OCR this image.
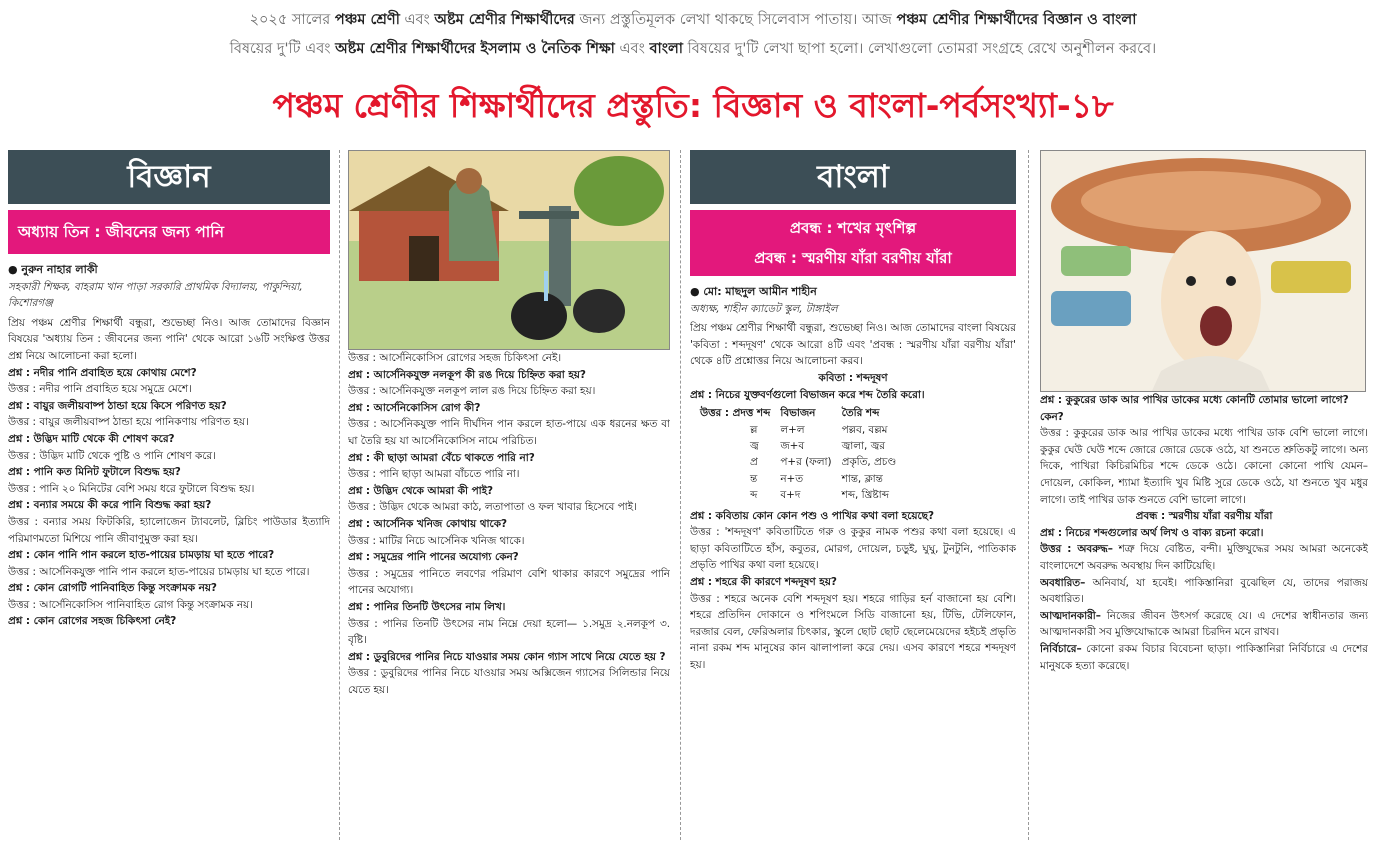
২০২৫ সালের পঞ্চম শ্রেণী এবং অষ্টম শ্রেণীর শিক্ষার্থীদের জন্য প্রস্তুতিমূলক লেখা থাকছে সিলেবাস পাতায়। আজ পঞ্চম শ্রেণীর শিক্ষার্থীদের বিজ্ঞান ও বাংলা
বিষয়ের দু'টি এবং অষ্টম শ্রেণীর শিক্ষার্থীদের ইসলাম ও নৈতিক শিক্ষা এবং বাংলা বিষয়ের দু'টি লেখা ছাপা হলো। লেখাগুলো তোমরা সংগ্রহে রেখে অনুশীলন করবে।
পঞ্চম শ্রেণীর শিক্ষার্থীদের প্রস্তুতি: বিজ্ঞান ও বাংলা-পর্বসংখ্যা-১৮
বিজ্ঞান
অধ্যায় তিন : জীবনের জন্য পানি
● নুরুন নাহার লাকী
সহকারী শিক্ষক, বাহরাম খান পাড়া সরকারি প্রাথমিক বিদ্যালয়, পাকুন্দিয়া, কিশোরগঞ্জ

প্রিয় পঞ্চম শ্রেণীর শিক্ষার্থী বন্ধুরা, শুভেচ্ছা নিও। আজ তোমাদের বিজ্ঞান বিষয়ের 'অধ্যায় তিন : জীবনের জন্য পানি' থেকে আরো ১৬টি সংক্ষিপ্ত উত্তর প্রশ্ন নিয়ে আলোচনা করা হলো।

প্রশ্ন : নদীর পানি প্রবাহিত হয়ে কোথায় মেশে?

উত্তর : নদীর পানি প্রবাহিত হয়ে সমুদ্রে মেশে।

প্রশ্ন : বায়ুর জলীয়বাষ্প ঠান্ডা হয়ে কিসে পরিণত হয়?

উত্তর : বায়ুর জলীয়বাষ্প ঠান্ডা হয়ে পানিকণায় পরিণত হয়।

প্রশ্ন : উদ্ভিদ মাটি থেকে কী শোষণ করে?

উত্তর : উদ্ভিদ মাটি থেকে পুষ্টি ও পানি শোষণ করে।

প্রশ্ন : পানি কত মিনিট ফুটালে বিশুদ্ধ হয়?

উত্তর : পানি ২০ মিনিটের বেশি সময় ধরে ফুটালে বিশুদ্ধ হয়।

প্রশ্ন : বন্যার সময়ে কী করে পানি বিশুদ্ধ করা হয়?

উত্তর : বন্যার সময় ফিটকিরি, হ্যালোজেন ট্যাবলেট, ব্লিচিং পাউডার ইত্যাদি পরিমাণমতো মিশিয়ে পানি জীবাণুমুক্ত করা হয়।

প্রশ্ন : কোন পানি পান করলে হাত-পায়ের চামড়ায় ঘা হতে পারে?

উত্তর : আর্সেনিকযুক্ত পানি পান করলে হাত-পায়ের চামড়ায় ঘা হতে পারে।

প্রশ্ন : কোন রোগটি পানিবাহিত কিন্তু সংক্রামক নয়?

উত্তর : আর্সেনিকোসিস পানিবাহিত রোগ কিন্তু সংক্রামক নয়।

প্রশ্ন : কোন রোগের সহজ চিকিৎসা নেই?

উত্তর : আর্সেনিকোসিস রোগের সহজ চিকিৎসা নেই।

প্রশ্ন : আর্সেনিকযুক্ত নলকূপ কী রঙ দিয়ে চিহ্নিত করা হয়?

উত্তর : আর্সেনিকযুক্ত নলকূপ লাল রঙ দিয়ে চিহ্নিত করা হয়।

প্রশ্ন : আর্সেনিকোসিস রোগ কী?

উত্তর : আর্সেনিকযুক্ত পানি দীর্ঘদিন পান করলে হাত-পায়ে এক ধরনের ক্ষত বা ঘা তৈরি হয় যা আর্সেনিকোসিস নামে পরিচিত।

প্রশ্ন : কী ছাড়া আমরা বেঁচে থাকতে পারি না?

উত্তর : পানি ছাড়া আমরা বাঁচতে পারি না।

প্রশ্ন : উদ্ভিদ থেকে আমরা কী পাই?

উত্তর : উদ্ভিদ থেকে আমরা কাঠ, লতাপাতা ও ফল খাবার হিসেবে পাই।

প্রশ্ন : আর্সেনিক খনিজ কোথায় থাকে?

উত্তর : মাটির নিচে আর্সেনিক খনিজ থাকে।

প্রশ্ন : সমুদ্রের পানি পানের অযোগ্য কেন?

উত্তর : সমুদ্রের পানিতে লবণের পরিমাণ বেশি থাকার কারণে সমুদ্রের পানি পানের অযোগ্য।

প্রশ্ন : পানির তিনটি উৎসের নাম লিখ।

উত্তর : পানির তিনটি উৎসের নাম নিম্নে দেয়া হলো— ১.সমুদ্র ২.নলকূপ ৩. বৃষ্টি।

প্রশ্ন : ডুবুরিদের পানির নিচে যাওয়ার সময় কোন গ্যাস সাথে নিয়ে যেতে হয় ?

উত্তর : ডুবুরিদের পানির নিচে যাওয়ার সময় অক্সিজেন গ্যাসের সিলিন্ডার নিয়ে যেতে হয়।

বাংলা
প্রবন্ধ : শখের মৃৎশিল্প
প্রবন্ধ : স্মরণীয় যাঁরা বরণীয় যাঁরা
● মো: মাছদুল আমীন শাহীন
অধ্যক্ষ, শাহীন ক্যাডেট স্কুল, টাঙ্গাইল

প্রিয় পঞ্চম শ্রেণীর শিক্ষার্থী বন্ধুরা, শুভেচ্ছা নিও। আজ তোমাদের বাংলা বিষয়ের 'কবিতা : শব্দদূষণ' থেকে আরো ৪টি এবং 'প্রবন্ধ : স্মরণীয় যাঁরা বরণীয় যাঁরা' থেকে ৪টি প্রশ্নোত্তর নিয়ে আলোচনা করব।

কবিতা : শব্দদূষণ
প্রশ্ন : নিচের যুক্তবর্ণগুলো বিভাজন করে শব্দ তৈরি করো।
উত্তর : প্রদত্ত শব্দ	বিভাজন	তৈরি শব্দ
ল্ল	ল+ল	পল্লব, বল্লম
জ্ব	জ+ব	জ্বালা, জ্বর
প্র	প+র (ফলা)	প্রকৃতি, প্রচণ্ড
ন্ত	ন+ত	শান্ত, ক্লান্ত
ব্দ	ব+দ	শব্দ, খ্রিষ্টাব্দ
প্রশ্ন : কবিতায় কোন কোন পশু ও পাখির কথা বলা হয়েছে?

উত্তর : 'শব্দদূষণ' কবিতাটিতে গরু ও কুকুর নামক পশুর কথা বলা হয়েছে। এ ছাড়া কবিতাটিতে হাঁস, কবুতর, মোরগ, দোয়েল, চড়ুই, ঘুঘু, টুনটুনি, পাতিকাক প্রভৃতি পাখির কথা বলা হয়েছে।

প্রশ্ন : শহরে কী কারণে শব্দদূষণ হয়?

উত্তর : শহরে অনেক বেশি শব্দদূষণ হয়। শহরে গাড়ির হর্ন বাজানো হয় বেশি। শহরে প্রতিদিন দোকানে ও শপিংমলে সিডি বাজানো হয়, টিভি, টেলিফোন, দরজার বেল, ফেরিঅলার চিৎকার, স্কুলে ছোট ছোট ছেলেমেয়েদের হইচই প্রভৃতি নানা রকম শব্দ মানুষের কান ঝালাপালা করে দেয়। এসব কারণে শহরে শব্দদূষণ হয়।

প্রশ্ন : কুকুরের ডাক আর পাখির ডাকের মধ্যে কোনটি তোমার ভালো লাগে? কেন?

উত্তর : কুকুরের ডাক আর পাখির ডাকের মধ্যে পাখির ডাক বেশি ভালো লাগে। কুকুর ঘেউ ঘেউ শব্দে জোরে জোরে ডেকে ওঠে, যা শুনতে শ্রুতিকটু লাগে। অন্য দিকে, পাখিরা কিচিরমিচির শব্দে ডেকে ওঠে। কোনো কোনো পাখি যেমন– দোয়েল, কোকিল, শ্যামা ইত্যাদি খুব মিষ্টি সুরে ডেকে ওঠে, যা শুনতে খুব মধুর লাগে। তাই পাখির ডাক শুনতে বেশি ভালো লাগে।

প্রবন্ধ : স্মরণীয় যাঁরা বরণীয় যাঁরা
প্রশ্ন : নিচের শব্দগুলোর অর্থ লিখ ও বাক্য রচনা করো।

উত্তর : অবরুদ্ধ– শত্রু দিয়ে বেষ্টিত, বন্দী। মুক্তিযুদ্ধের সময় আমরা অনেকেই বাংলাদেশে অবরুদ্ধ অবস্থায় দিন কাটিয়েছি।

অবধারিত– অনিবার্য, যা হবেই। পাকিস্তানিরা বুঝেছিল যে, তাদের পরাজয় অবধারিত।

আত্মদানকারী– নিজের জীবন উৎসর্গ করেছে যে। এ দেশের স্বাধীনতার জন্য আত্মদানকারী সব মুক্তিযোদ্ধাকে আমরা চিরদিন মনে রাখব।

নির্বিচারে– কোনো রকম বিচার বিবেচনা ছাড়া। পাকিস্তানিরা নির্বিচারে এ দেশের মানুষকে হত্যা করেছে।
